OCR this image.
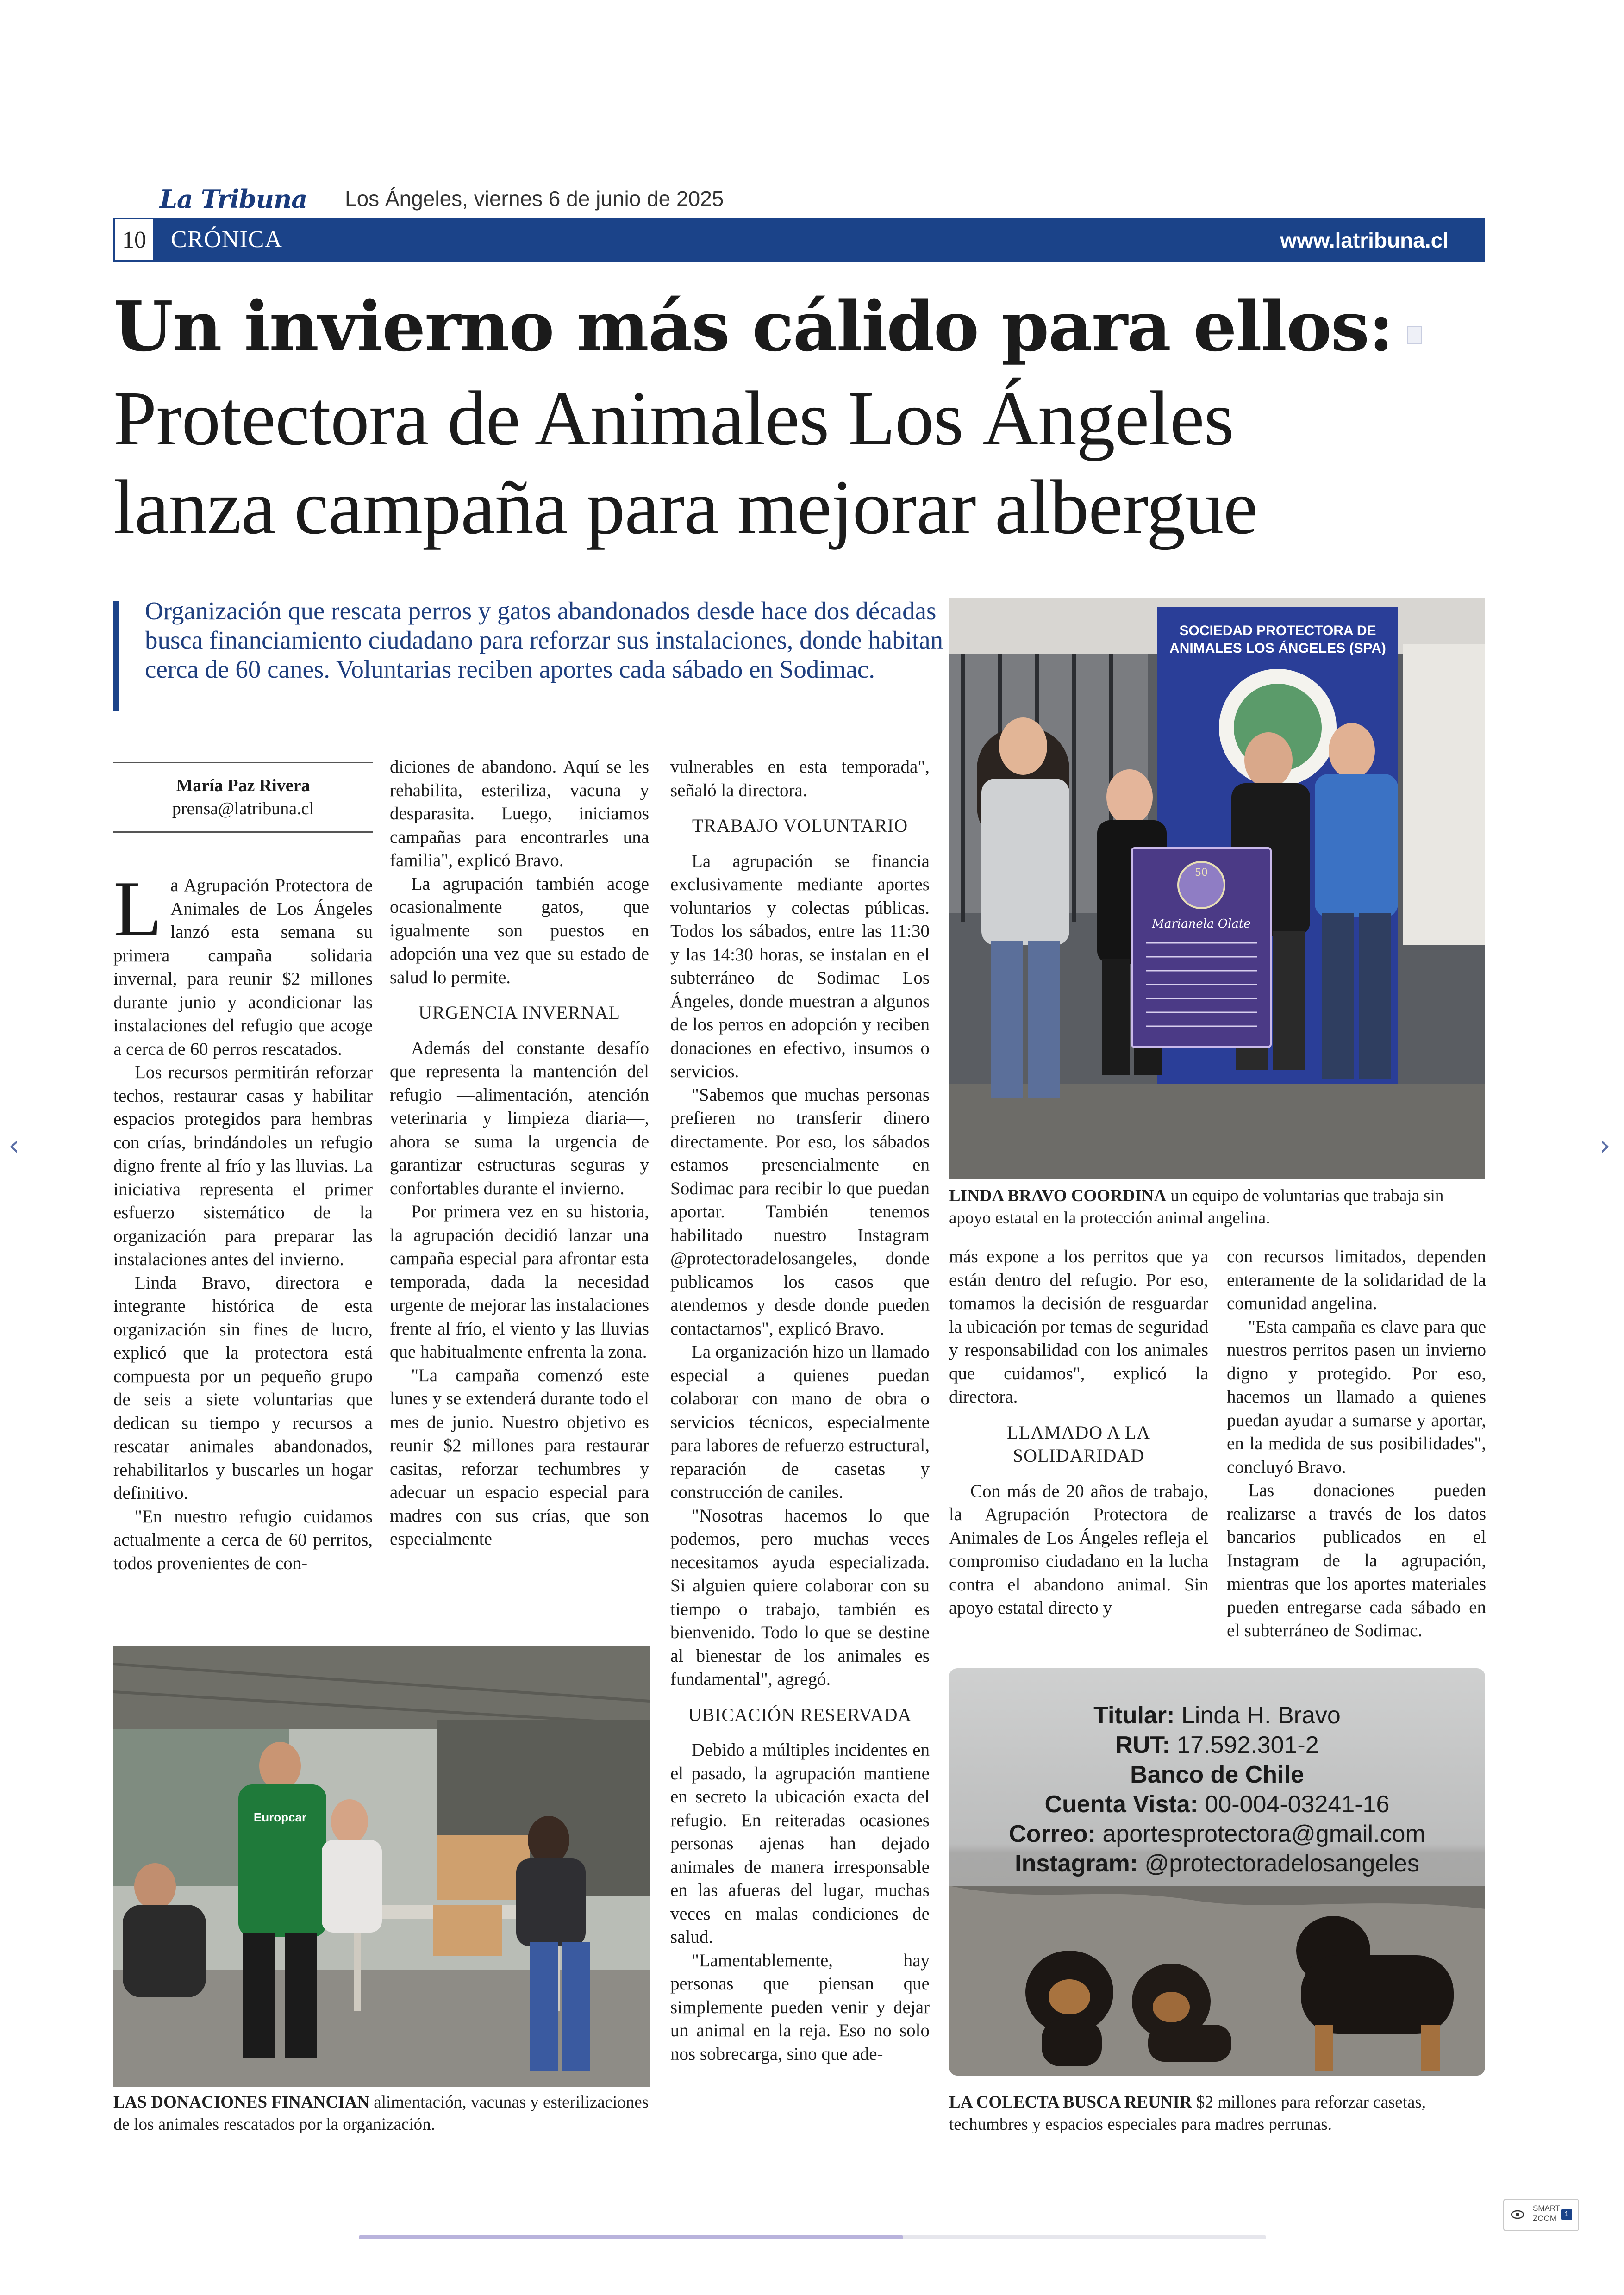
La Tribuna Los Ángeles, viernes 6 de junio de 2025
10	CRÓNICA	www.latribuna.cl
Un invierno más cálido para ellos:
Protectora de Animales Los Ángeles
lanza campaña para mejorar albergue
Organización que rescata perros y gatos abandonados desde hace dos décadas busca financiamiento ciudadano para reforzar sus instalaciones, donde habitan cerca de 60 canes. Voluntarias reciben aportes cada sábado en Sodimac.
María Paz Rivera
prensa@latribuna.cl

La Agrupación Protectora de Animales de Los Ángeles lanzó esta semana su primera campaña solidaria invernal, para reunir $2 millones durante junio y acondicionar las instalaciones del refugio que acoge a cerca de 60 perros rescatados.

Los recursos permitirán reforzar techos, restaurar casas y habilitar espacios protegidos para hembras con crías, brindándoles un refugio digno frente al frío y las lluvias. La iniciativa representa el primer esfuerzo sistemático de la organización para preparar las instalaciones antes del invierno.

Linda Bravo, directora e integrante histórica de esta organización sin fines de lucro, explicó que la protectora está compuesta por un pequeño grupo de seis a siete voluntarias que dedican su tiempo y recursos a rescatar animales abandonados, rehabilitarlos y buscarles un hogar definitivo.

"En nuestro refugio cuidamos actualmente a cerca de 60 perritos, todos provenientes de con-

diciones de abandono. Aquí se les rehabilita, esteriliza, vacuna y desparasita. Luego, iniciamos campañas para encontrarles una familia", explicó Bravo.

La agrupación también acoge ocasionalmente gatos, que igualmente son puestos en adopción una vez que su estado de salud lo permite.

URGENCIA INVERNAL

Además del constante desafío que representa la mantención del refugio —alimentación, atención veterinaria y limpieza diaria—, ahora se suma la urgencia de garantizar estructuras seguras y confortables durante el invierno.

Por primera vez en su historia, la agrupación decidió lanzar una campaña especial para afrontar esta temporada, dada la necesidad urgente de mejorar las instalaciones frente al frío, el viento y las lluvias que habitualmente enfrenta la zona.

"La campaña comenzó este lunes y se extenderá durante todo el mes de junio. Nuestro objetivo es reunir $2 millones para restaurar casitas, reforzar techumbres y adecuar un espacio especial para madres con sus crías, que son especialmente

vulnerables en esta temporada", señaló la directora.

TRABAJO VOLUNTARIO

La agrupación se financia exclusivamente mediante aportes voluntarios y colectas públicas. Todos los sábados, entre las 11:30 y las 14:30 horas, se instalan en el subterráneo de Sodimac Los Ángeles, donde muestran a algunos de los perros en adopción y reciben donaciones en efectivo, insumos o servicios.

"Sabemos que muchas personas prefieren no transferir dinero directamente. Por eso, los sábados estamos presencialmente en Sodimac para recibir lo que puedan aportar. También tenemos habilitado nuestro Instagram @protectoradelosangeles, donde publicamos los casos que atendemos y desde donde pueden contactarnos", explicó Bravo.

La organización hizo un llamado especial a quienes puedan colaborar con mano de obra o servicios técnicos, especialmente para labores de refuerzo estructural, reparación de casetas y construcción de caniles.

"Nosotras hacemos lo que podemos, pero muchas veces necesitamos ayuda especializada. Si alguien quiere colaborar con su tiempo o trabajo, también es bienvenido. Todo lo que se destine al bienestar de los animales es fundamental", agregó.

UBICACIÓN RESERVADA

Debido a múltiples incidentes en el pasado, la agrupación mantiene en secreto la ubicación exacta del refugio. En reiteradas ocasiones personas ajenas han dejado animales de manera irresponsable en las afueras del lugar, muchas veces en malas condiciones de salud.

"Lamentablemente, hay personas que piensan que simplemente pueden venir y dejar un animal en la reja. Eso no solo nos sobrecarga, sino que ade-

más expone a los perritos que ya están dentro del refugio. Por eso, tomamos la decisión de resguardar la ubicación por temas de seguridad y responsabilidad con los animales que cuidamos", explicó la directora.

LLAMADO A LA SOLIDARIDAD

Con más de 20 años de trabajo, la Agrupación Protectora de Animales de Los Ángeles refleja el compromiso ciudadano en la lucha contra el abandono animal. Sin apoyo estatal directo y

con recursos limitados, dependen enteramente de la solidaridad de la comunidad angelina.

"Esta campaña es clave para que nuestros perritos pasen un invierno digno y protegido. Por eso, hacemos un llamado a quienes puedan ayudar a sumarse y aportar, en la medida de sus posibilidades", concluyó Bravo.

Las donaciones pueden realizarse a través de los datos bancarios publicados en el Instagram de la agrupación, mientras que los aportes materiales pueden entregarse cada sábado en el subterráneo de Sodimac.

SOCIEDAD PROTECTORA DE
ANIMALES LOS ÁNGELES (SPA)
50
Marianela Olate
LINDA BRAVO COORDINA un equipo de voluntarias que trabaja sin apoyo estatal en la protección animal angelina.
Europcar
LAS DONACIONES FINANCIAN alimentación, vacunas y esterilizaciones de los animales rescatados por la organización.
Titular: Linda H. Bravo
RUT: 17.592.301-2
Banco de Chile
Cuenta Vista: 00-004-03241-16
Correo: aportesprotectora@gmail.com
Instagram: @protectoradelosangeles
LA COLECTA BUSCA REUNIR $2 millones para reforzar casetas, techumbres y espacios especiales para madres perrunas.
‹	›
SMART
ZOOM	1
